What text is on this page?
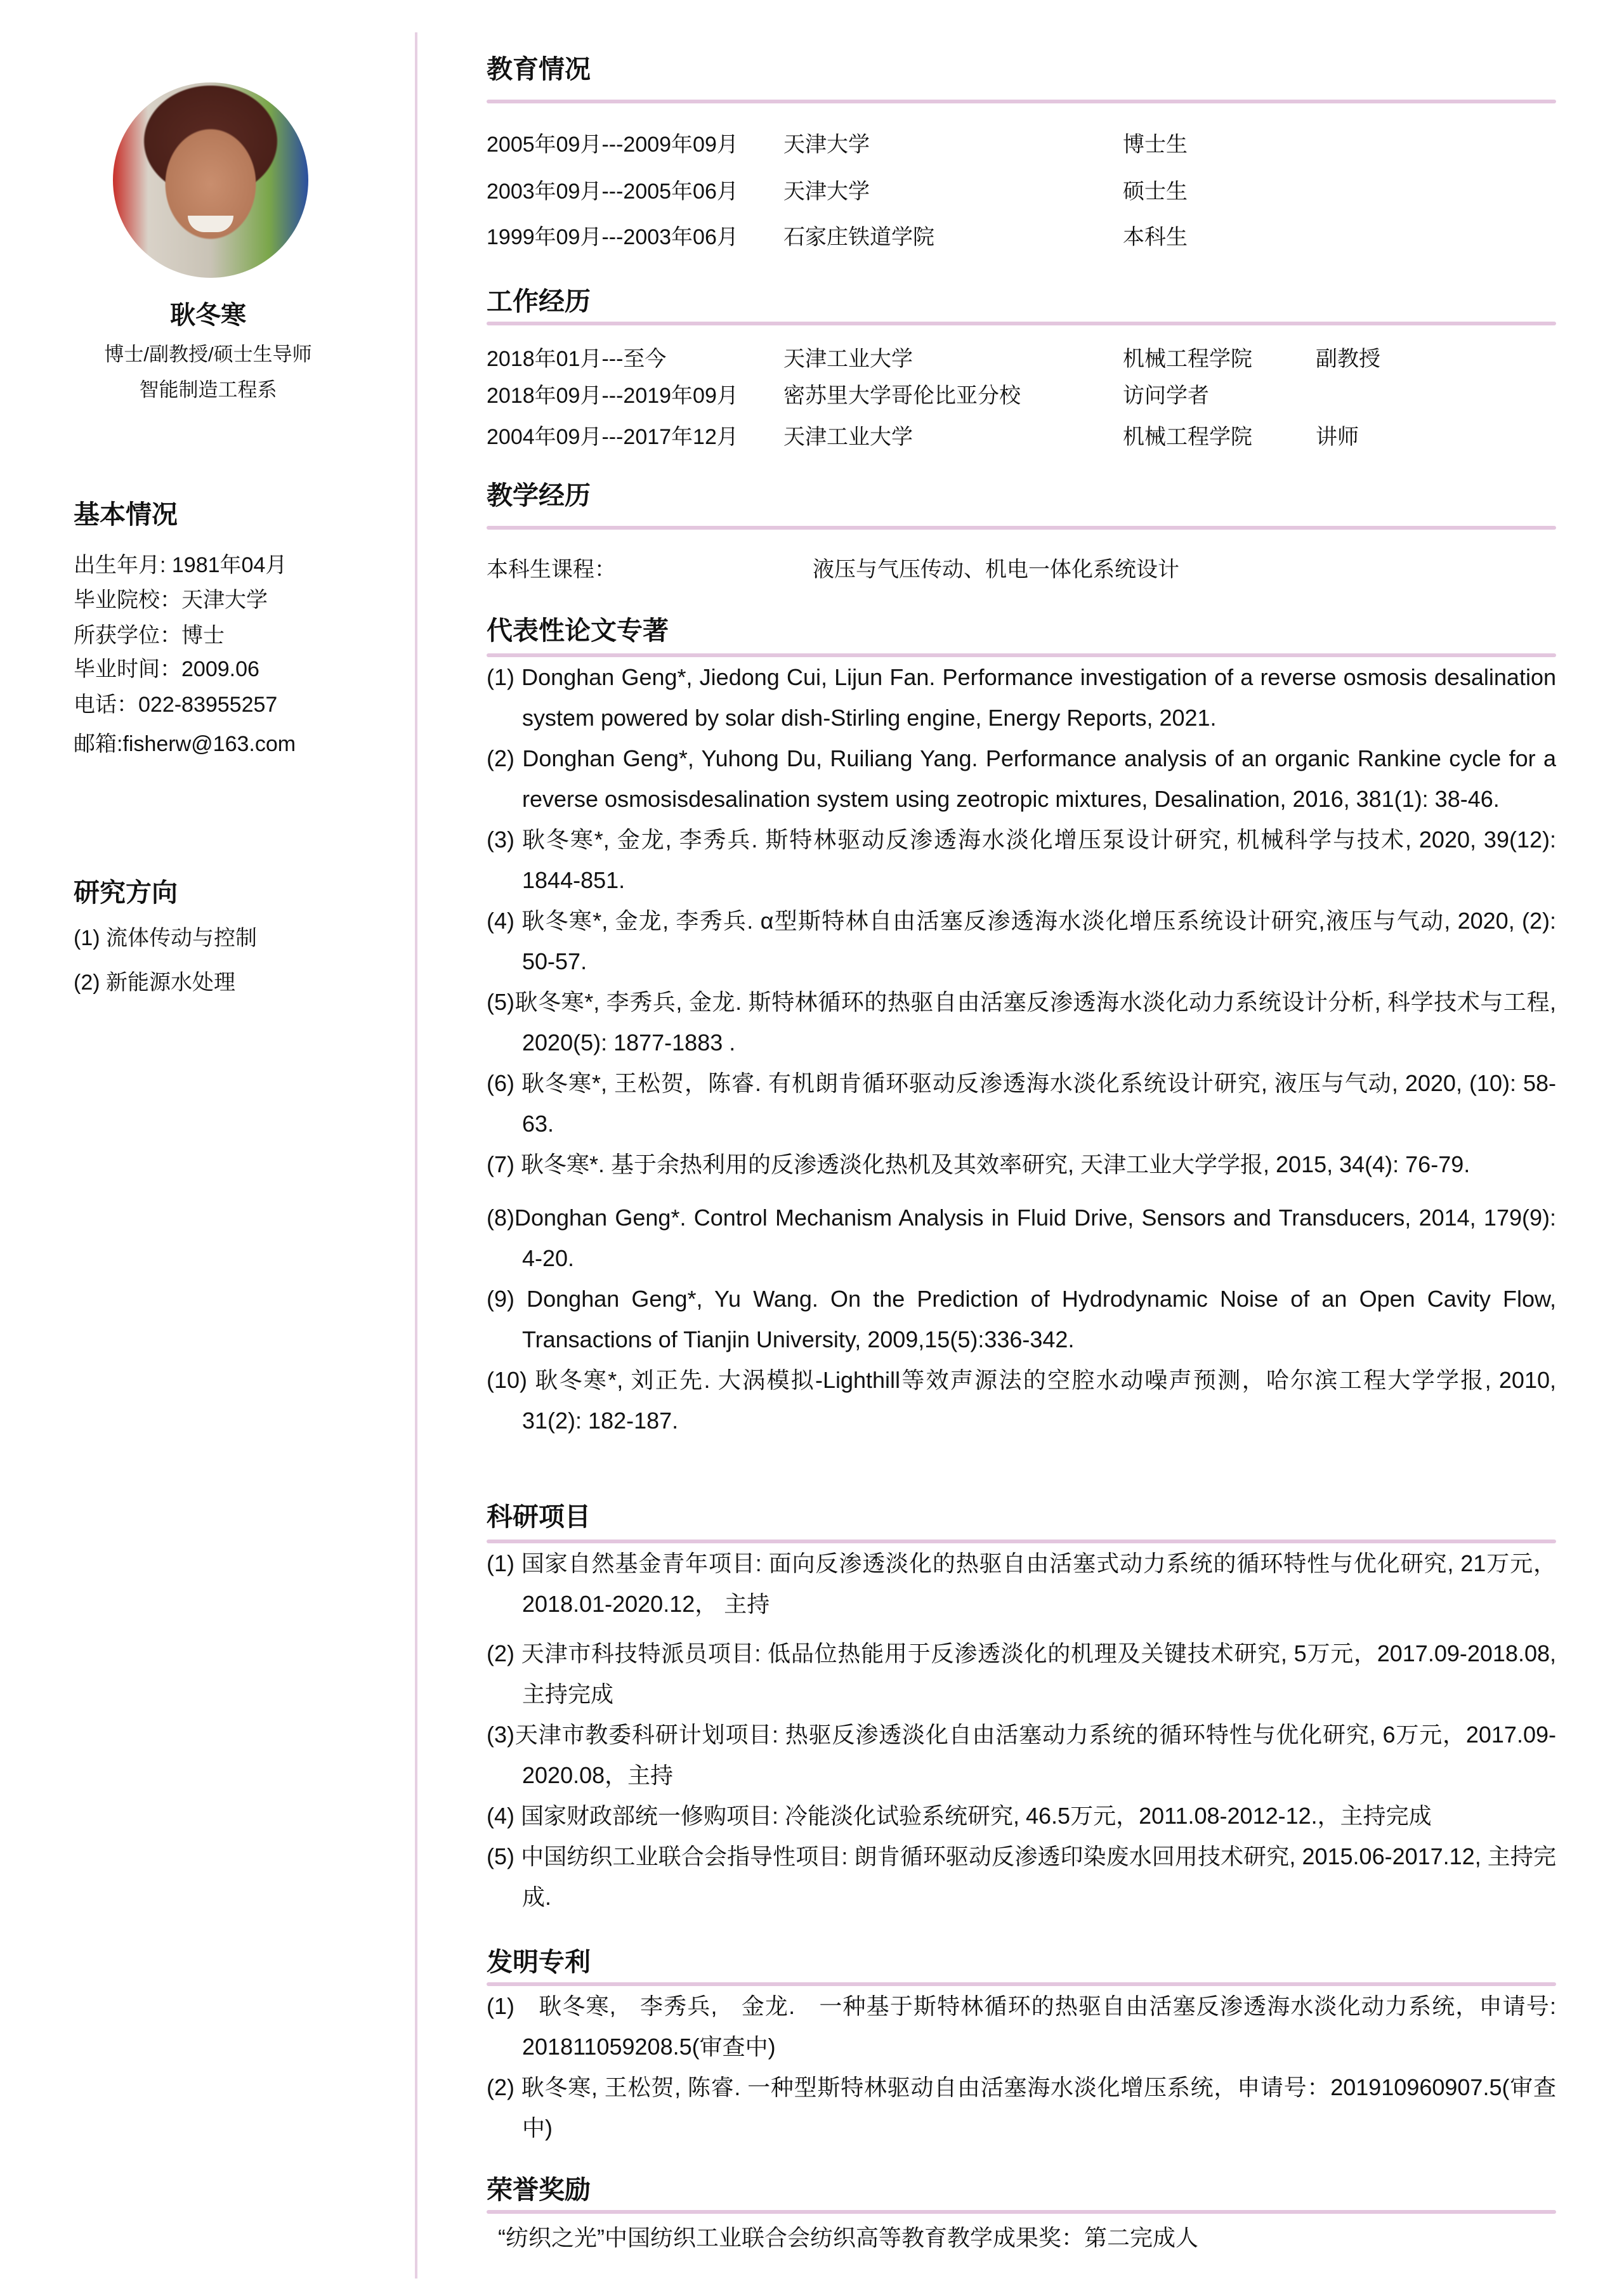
耿冬寒
博士/副教授/硕士生导师
智能制造工程系
基本情况
出生年月: 1981年04月
毕业院校：天津大学
所获学位：博士
毕业时间：2009.06
电话：022-83955257
邮箱:fisherw@163.com
研究方向
(1) 流体传动与控制
(2) 新能源水处理
教育情况
2005年09月---2009年09月 天津大学	博士生
2003年09月---2005年06月 天津大学	硕士生
1999年09月---2003年06月 石家庄铁道学院	本科生
工作经历
2018年01月---至今	天津工业大学	机械工程学院	副教授
2018年09月---2019年09月 密苏里大学哥伦比亚分校	访问学者
2004年09月---2017年12月 天津工业大学	机械工程学院	讲师
教学经历
本科生课程：	液压与气压传动、机电一体化系统设计
代表性论文专著
(1) Donghan Geng*, Jiedong Cui, Lijun Fan. Performance investigation of a reverse osmosis desalination system powered by solar dish-Stirling engine, Energy Reports, 2021.
(2) Donghan Geng*, Yuhong Du, Ruiliang Yang. Performance analysis of an organic Rankine cycle for a reverse osmosisdesalination system using zeotropic mixtures, Desalination, 2016, 381(1): 38-46.
(3) 耿冬寒*, 金龙, 李秀兵. 斯特林驱动反渗透海水淡化增压泵设计研究, 机械科学与技术, 2020, 39(12): 1844-851.
(4) 耿冬寒*, 金龙, 李秀兵. α型斯特林自由活塞反渗透海水淡化增压系统设计研究,液压与气动, 2020, (2): 50-57.
(5)耿冬寒*, 李秀兵, 金龙. 斯特林循环的热驱自由活塞反渗透海水淡化动力系统设计分析, 科学技术与工程, 2020(5): 1877-1883 .
(6) 耿冬寒*, 王松贺，陈睿. 有机朗肯循环驱动反渗透海水淡化系统设计研究, 液压与气动, 2020, (10): 58-63.
(7) 耿冬寒*. 基于余热利用的反渗透淡化热机及其效率研究, 天津工业大学学报, 2015, 34(4): 76-79.
(8)Donghan Geng*. Control Mechanism Analysis in Fluid Drive, Sensors and Transducers, 2014, 179(9): 4-20.
(9) Donghan Geng*, Yu Wang. On the Prediction of Hydrodynamic Noise of an Open Cavity Flow, Transactions of Tianjin University, 2009,15(5):336-342.
(10) 耿冬寒*, 刘正先. 大涡模拟-Lighthill等效声源法的空腔水动噪声预测，哈尔滨工程大学学报, 2010, 31(2): 182-187.
科研项目
(1) 国家自然基金青年项目: 面向反渗透淡化的热驱自由活塞式动力系统的循环特性与优化研究, 21万元，2018.01-2020.12， 主持
(2) 天津市科技特派员项目: 低品位热能用于反渗透淡化的机理及关键技术研究, 5万元，2017.09-2018.08, 主持完成
(3)天津市教委科研计划项目: 热驱反渗透淡化自由活塞动力系统的循环特性与优化研究, 6万元，2017.09-2020.08，主持
(4) 国家财政部统一修购项目: 冷能淡化试验系统研究, 46.5万元，2011.08-2012-12.，主持完成
(5) 中国纺织工业联合会指导性项目: 朗肯循环驱动反渗透印染废水回用技术研究, 2015.06-2017.12, 主持完成.
发明专利
(1)　耿冬寒,　李秀兵,　金龙.　一种基于斯特林循环的热驱自由活塞反渗透海水淡化动力系统，申请号: 201811059208.5(审查中)
(2) 耿冬寒, 王松贺, 陈睿. 一种型斯特林驱动自由活塞海水淡化增压系统，申请号：201910960907.5(审查中)
荣誉奖励
“纺织之光”中国纺织工业联合会纺织高等教育教学成果奖：第二完成人
